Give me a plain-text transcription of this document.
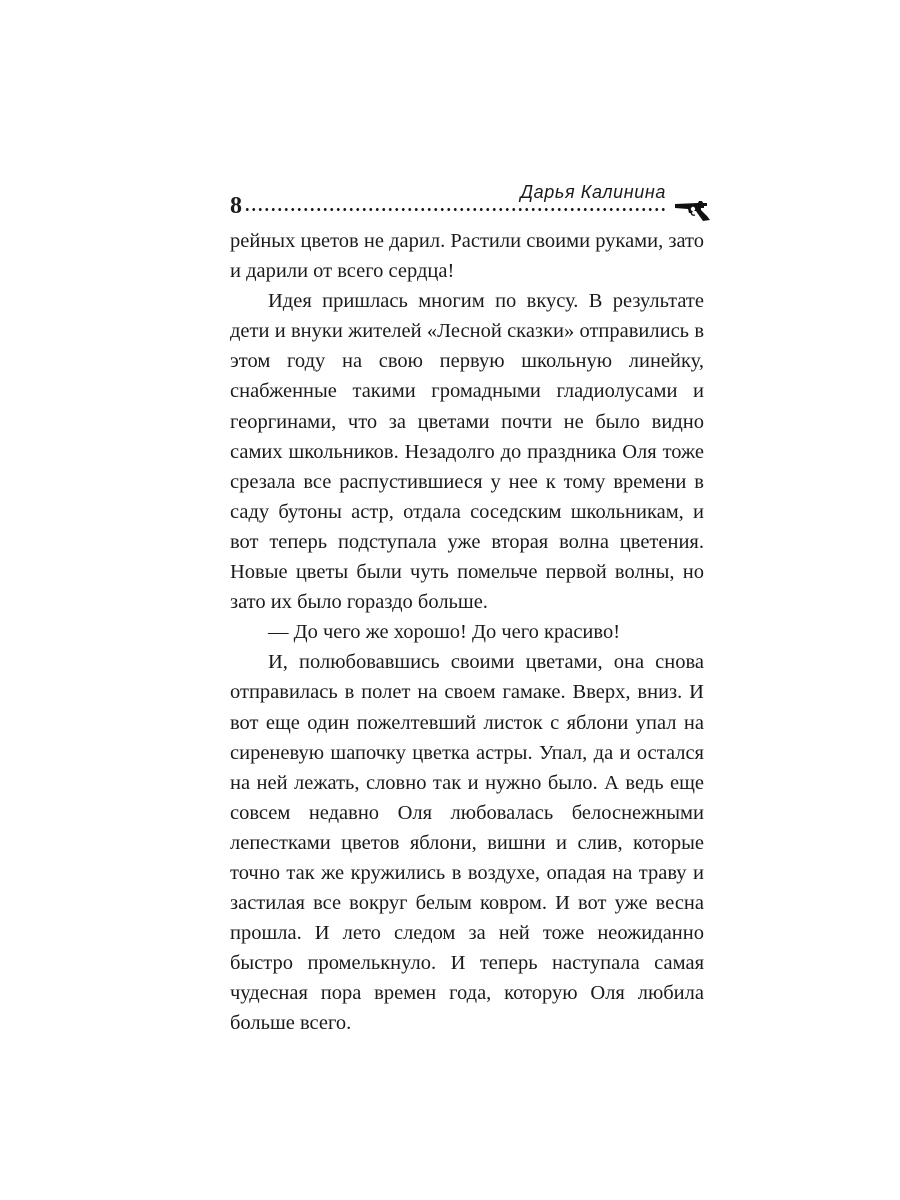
8
Дарья Калинина

рейных цветов не дарил. Растили своими руками, зато и дарили от всего сердца!

Идея пришлась многим по вкусу. В результате дети и внуки жителей «Лесной сказки» отправились в этом году на свою первую школьную линейку, снабженные такими громадными гладиолусами и георгинами, что за цветами почти не было видно самих школьников. Незадолго до праздника Оля тоже срезала все распустившиеся у нее к тому времени в саду бутоны астр, отдала соседским школьникам, и вот теперь подступала уже вторая волна цветения. Новые цветы были чуть помельче первой волны, но зато их было гораздо больше.

— До чего же хорошо! До чего красиво!

И, полюбовавшись своими цветами, она снова отправилась в полет на своем гамаке. Вверх, вниз. И вот еще один пожелтевший листок с яблони упал на сиреневую шапочку цветка астры. Упал, да и остался на ней лежать, словно так и нужно было. А ведь еще совсем недавно Оля любовалась белоснежными лепестками цветов яблони, вишни и слив, которые точно так же кружились в воздухе, опадая на траву и застилая все вокруг белым ковром. И вот уже весна прошла. И лето следом за ней тоже неожиданно быстро промелькнуло. И теперь наступала самая чудесная пора времен года, которую Оля любила больше всего.
